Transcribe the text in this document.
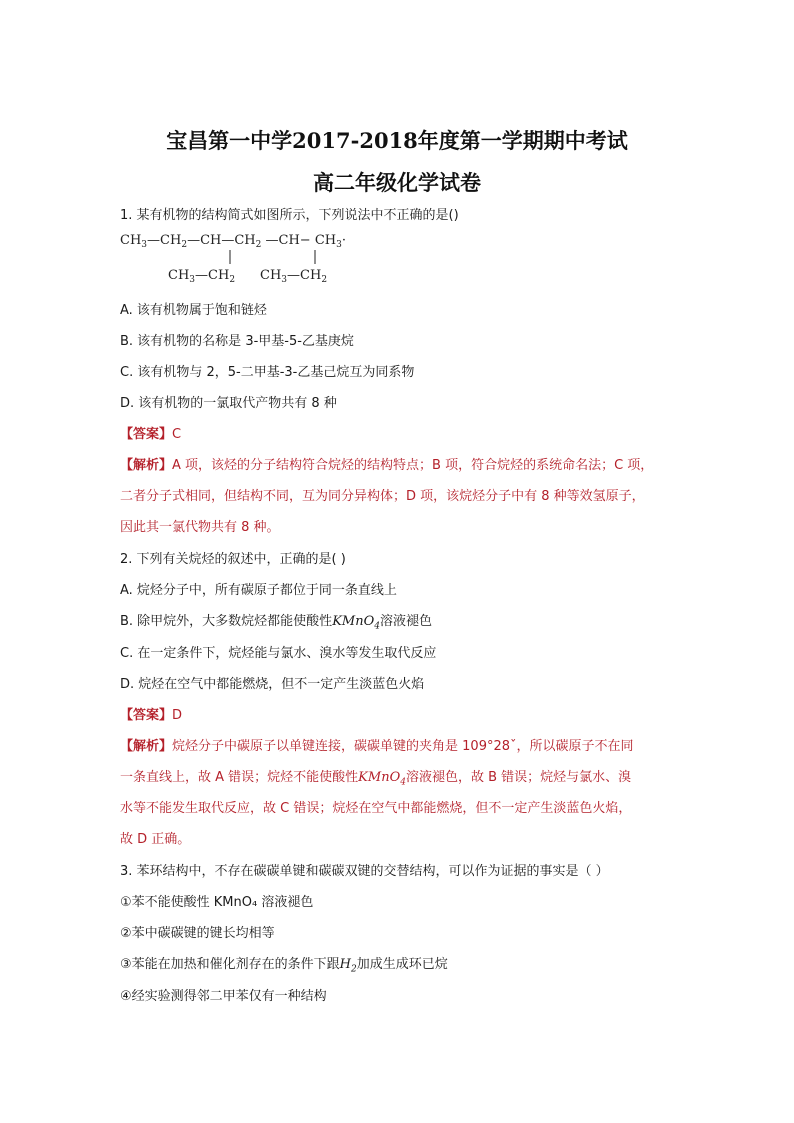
宝昌第一中学2017-2018年度第一学期期中考试
高二年级化学试卷
1. 某有机物的结构简式如图所示，下列说法中不正确的是()
$CH_3—CH_2—CH—CH_2$ —CH− $CH_3\cdot$
$CH_3—CH_2$ $CH_3—CH_2$
A. 该有机物属于饱和链烃
B. 该有机物的名称是 3-甲基-5-乙基庚烷
C. 该有机物与 2，5-二甲基-3-乙基己烷互为同系物
D. 该有机物的一氯取代产物共有 8 种
【答案】C
【解析】A 项，该烃的分子结构符合烷烃的结构特点；B 项，符合烷烃的系统命名法；C 项，
二者分子式相同，但结构不同，互为同分异构体；D 项，该烷烃分子中有 8 种等效氢原子，
因此其一氯代物共有 8 种。
2. 下列有关烷烃的叙述中，正确的是( )
A. 烷烃分子中，所有碳原子都位于同一条直线上
B. 除甲烷外，大多数烷烃都能使酸性KMnO$_4$溶液褪色
C. 在一定条件下，烷烃能与氯水、溴水等发生取代反应
D. 烷烃在空气中都能燃烧，但不一定产生淡蓝色火焰
【答案】D
【解析】烷烃分子中碳原子以单键连接，碳碳单键的夹角是 109°28ˇ，所以碳原子不在同
一条直线上，故 A 错误；烷烃不能使酸性KMnO$_4$溶液褪色，故 B 错误；烷烃与氯水、溴
水等不能发生取代反应，故 C 错误；烷烃在空气中都能燃烧，但不一定产生淡蓝色火焰，
故 D 正确。
3. 苯环结构中，不存在碳碳单键和碳碳双键的交替结构，可以作为证据的事实是（ ）
①苯不能使酸性 KMnO₄ 溶液褪色
②苯中碳碳键的键长均相等
③苯能在加热和催化剂存在的条件下跟$H_2$加成生成环已烷
④经实验测得邻二甲苯仅有一种结构
